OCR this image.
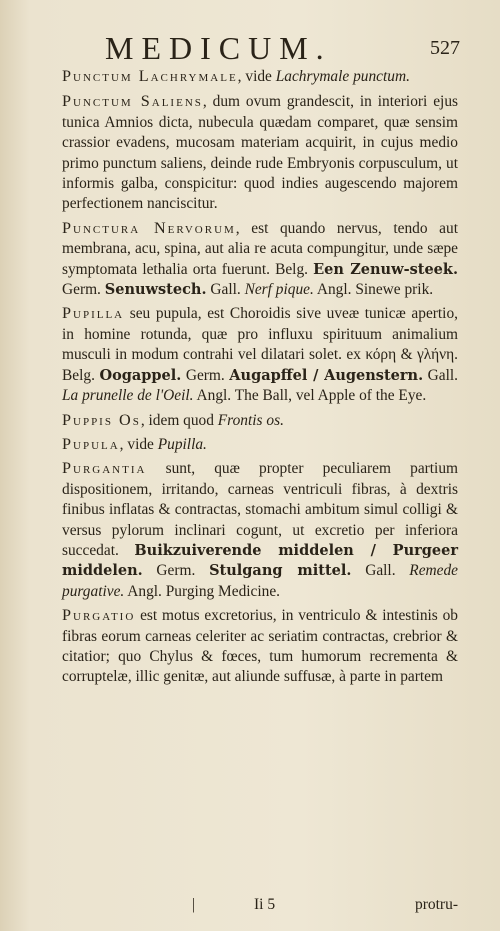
MEDICUM.	527

Punctum Lachrymale, vide Lachrymale punctum.

Punctum Saliens, dum ovum grandescit, in interiori ejus tunica Amnios dicta, nubecula quædam comparet, quæ sensim crassior evadens, mucosam materiam acquirit, in cujus medio primo punctum saliens, deinde rude Embryonis corpusculum, ut informis galba, conspicitur: quod indies augescendo majorem perfectionem nanciscitur.

Punctura Nervorum, est quando nervus, tendo aut membrana, acu, spina, aut alia re acuta compungitur, unde sæpe symptomata lethalia orta fuerunt. Belg. Een Zenuw-steek. Germ. Senuwstech. Gall. Nerf pique. Angl. Sinewe prik.

Pupilla seu pupula, est Choroidis sive uveæ tunicæ apertio, in homine rotunda, quæ pro influxu spirituum animalium musculi in modum contrahi vel dilatari solet. ex κόρη & γλήνη. Belg. Oogappel. Germ. Augapffel / Augenstern. Gall. La prunelle de l'Oeil. Angl. The Ball, vel Apple of the Eye.

Puppis Os, idem quod Frontis os.

Pupula, vide Pupilla.

Purgantia sunt, quæ propter peculiarem partium dispositionem, irritando, carneas ventriculi fibras, à dextris finibus inflatas & contractas, stomachi ambitum simul colligi & versus pylorum inclinari cogunt, ut excretio per inferiora succedat. Buikzuiverende middelen / Purgeer middelen. Germ. Stulgang mittel. Gall. Remede purgative. Angl. Purging Medicine.

Purgatio est motus excretorius, in ventriculo & intestinis ob fibras eorum carneas celeriter ac seriatim contractas, crebrior & citatior; quo Chylus & fœces, tum humorum recrementa & corruptelæ, illic genitæ, aut aliunde suffusæ, à parte in partem

|	Ii 5	protru-
